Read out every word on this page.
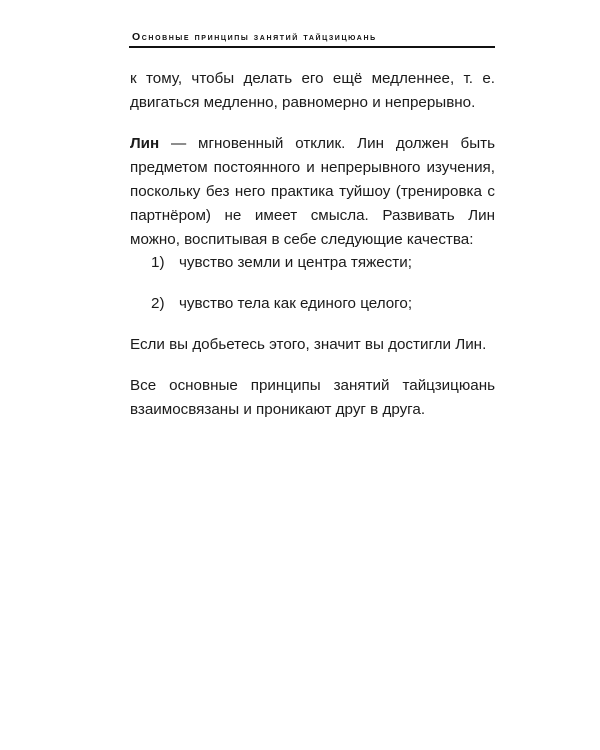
Основные принципы занятий тайцзицюань
к тому, чтобы делать его ещё медленнее, т. е. двигаться медленно, равномерно и непрерывно.
Лин — мгновенный отклик. Лин должен быть предметом постоянного и непрерывного изучения, поскольку без него практика туйшоу (тренировка с партнёром) не имеет смысла. Развивать Лин можно, воспитывая в себе следующие качества:
1) чувство земли и центра тяжести;
2) чувство тела как единого целого;
Если вы добьетесь этого, значит вы достигли Лин.
Все основные принципы занятий тайцзицюань взаимосвязаны и проникают друг в друга.
